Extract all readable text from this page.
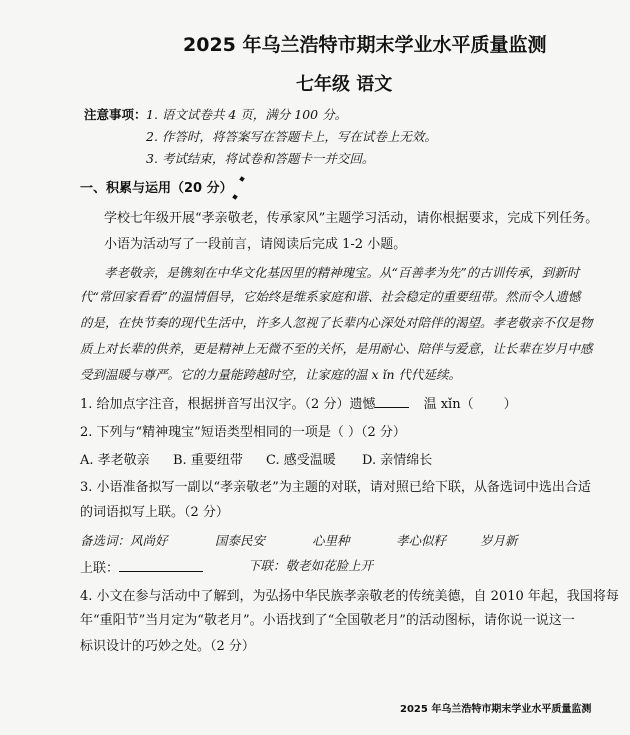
2025 年乌兰浩特市期末学业水平质量监测
七年级 语文
注意事项： 1. 语文试卷共 4 页，满分 100 分。
2. 作答时，将答案写在答题卡上，写在试卷上无效。
3. 考试结束，将试卷和答题卡一并交回。
一、积累与运用（20 分）
学校七年级开展“孝亲敬老，传承家风”主题学习活动，请你根据要求，完成下列任务。
小语为活动写了一段前言，请阅读后完成 1-2 小题。
孝老敬亲，是镌刻在中华文化基因里的精神瑰宝。从“百善孝为先”的古训传承，到新时
代“常回家看看”的温情倡导，它始终是维系家庭和谐、社会稳定的重要纽带。然而令人遗憾
的是，在快节奏的现代生活中，许多人忽视了长辈内心深处对陪伴的渴望。孝老敬亲不仅是物
质上对长辈的供养，更是精神上无微不至的关怀，是用耐心、陪伴与爱意，让长辈在岁月中感
受到温暖与尊严。它的力量能跨越时空，让家庭的温 x ǐn 代代延续。
1. 给加点字注音，根据拼音写出汉字。（2 分）遗憾	温 xǐn（ ）
2. 下列与“精神瑰宝”短语类型相同的一项是（ ）（2 分）
A. 孝老敬亲 B. 重要纽带 C. 感受温暖 D. 亲情绵长
3. 小语准备拟写一副以“孝亲敬老”为主题的对联，请对照已给下联，从备选词中选出合适
的词语拟写上联。（2 分）
备选词： 风尚好	国泰民安	心里种	孝心似籽	岁月新
上联：	下联：敬老如花脸上开
4. 小文在参与活动中了解到，为弘扬中华民族孝亲敬老的传统美德，自 2010 年起，我国将每
年“重阳节”当月定为“敬老月”。小语找到了“全国敬老月”的活动图标，请你说一说这一
标识设计的巧妙之处。（2 分）
2025 年乌兰浩特市期末学业水平质量监测
